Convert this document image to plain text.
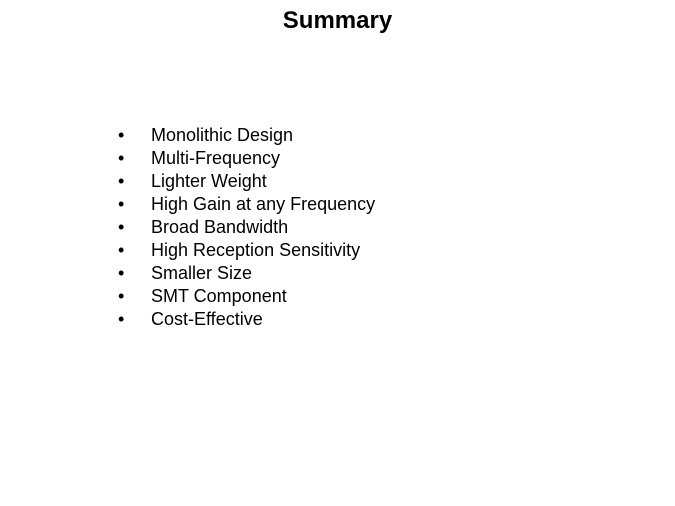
Summary
•	Monolithic Design
•	Multi-Frequency
•	Lighter Weight
•	High Gain at any Frequency
•	Broad Bandwidth
•	High Reception Sensitivity
•	Smaller Size
•	SMT Component
•	Cost-Effective
